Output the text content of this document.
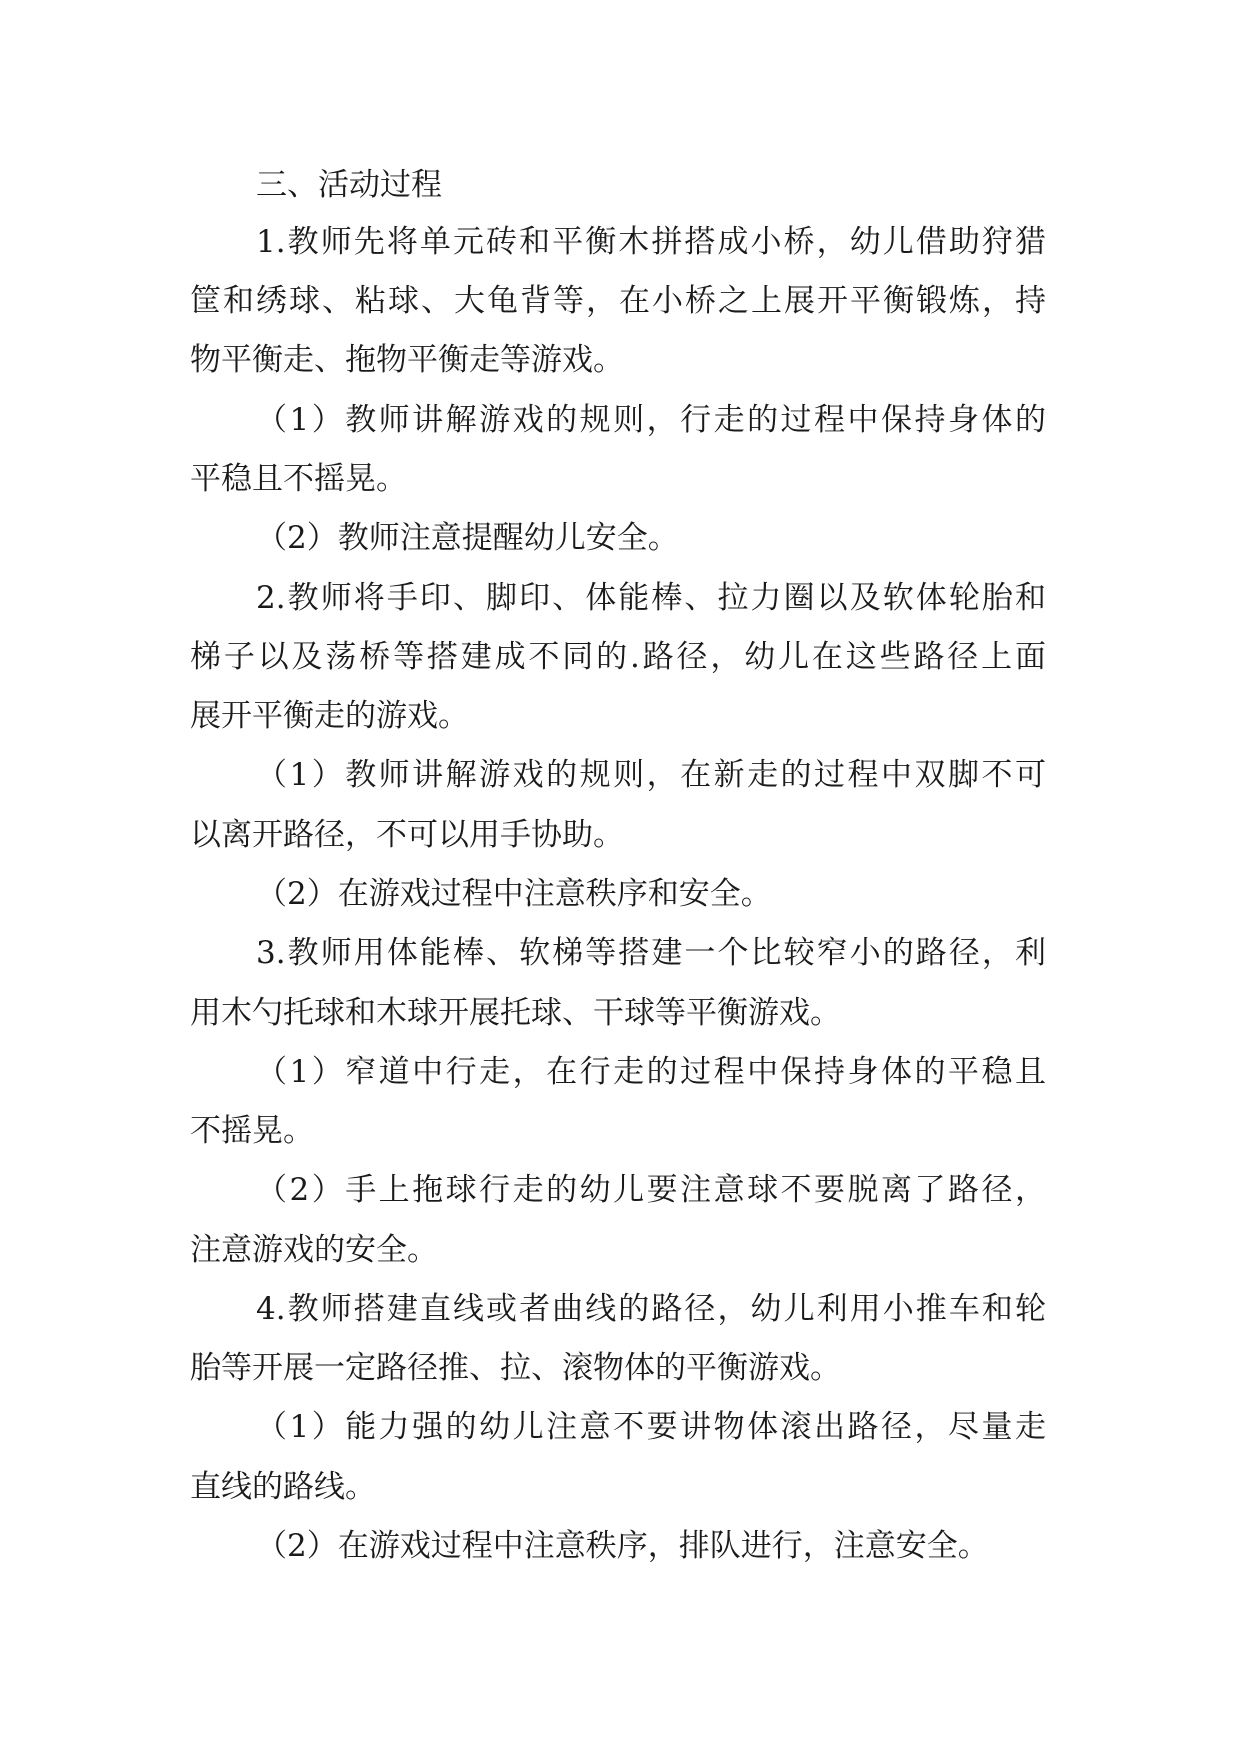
三、活动过程
1.教师先将单元砖和平衡木拼搭成小桥，幼儿借助狩猎
筐和绣球、粘球、大龟背等，在小桥之上展开平衡锻炼，持
物平衡走、拖物平衡走等游戏。
（1）教师讲解游戏的规则，行走的过程中保持身体的
平稳且不摇晃。
（2）教师注意提醒幼儿安全。
2.教师将手印、脚印、体能棒、拉力圈以及软体轮胎和
梯子以及荡桥等搭建成不同的.路径，幼儿在这些路径上面
展开平衡走的游戏。
（1）教师讲解游戏的规则，在新走的过程中双脚不可
以离开路径，不可以用手协助。
（2）在游戏过程中注意秩序和安全。
3.教师用体能棒、软梯等搭建一个比较窄小的路径，利
用木勺托球和木球开展托球、干球等平衡游戏。
（1）窄道中行走，在行走的过程中保持身体的平稳且
不摇晃。
（2）手上拖球行走的幼儿要注意球不要脱离了路径，
注意游戏的安全。
4.教师搭建直线或者曲线的路径，幼儿利用小推车和轮
胎等开展一定路径推、拉、滚物体的平衡游戏。
（1）能力强的幼儿注意不要讲物体滚出路径，尽量走
直线的路线。
（2）在游戏过程中注意秩序，排队进行，注意安全。
